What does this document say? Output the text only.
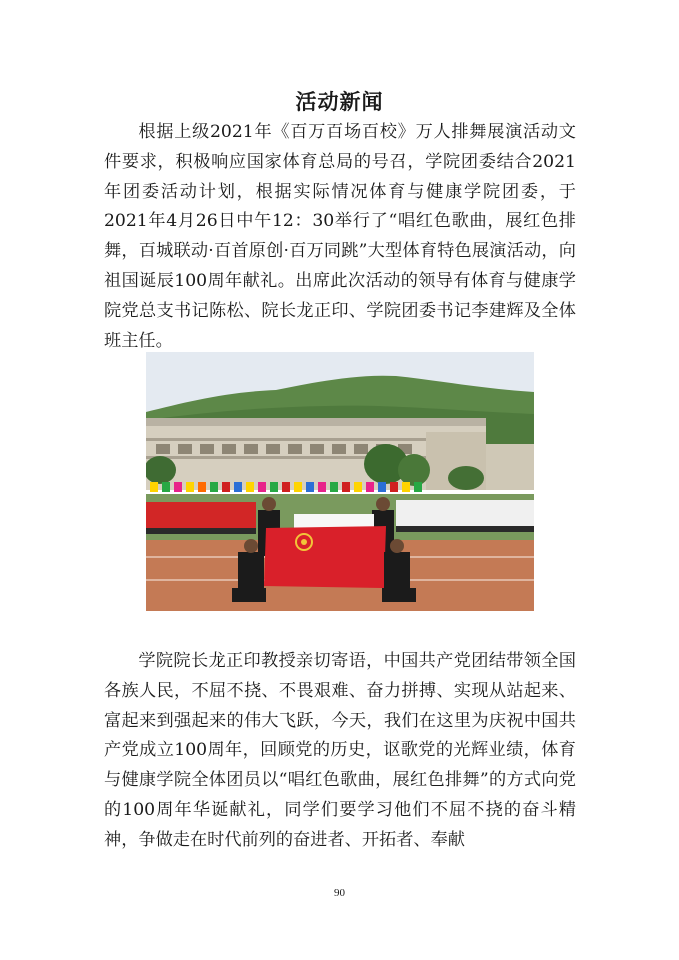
活动新闻

根据上级2021年《百万百场百校》万人排舞展演活动文件要求，积极响应国家体育总局的号召，学院团委结合2021年团委活动计划，根据实际情况体育与健康学院团委，于2021年4月26日中午12：30举行了“唱红色歌曲，展红色排舞，百城联动·百首原创·百万同跳”大型体育特色展演活动，向祖国诞辰100周年献礼。出席此次活动的领导有体育与健康学院党总支书记陈松、院长龙正印、学院团委书记李建辉及全体班主任。

学院院长龙正印教授亲切寄语，中国共产党团结带领全国各族人民，不屈不挠、不畏艰难、奋力拼搏、实现从站起来、富起来到强起来的伟大飞跃，今天，我们在这里为庆祝中国共产党成立100周年，回顾党的历史，讴歌党的光辉业绩，体育与健康学院全体团员以“唱红色歌曲，展红色排舞”的方式向党的100周年华诞献礼，同学们要学习他们不屈不挠的奋斗精神，争做走在时代前列的奋进者、开拓者、奉献

90
